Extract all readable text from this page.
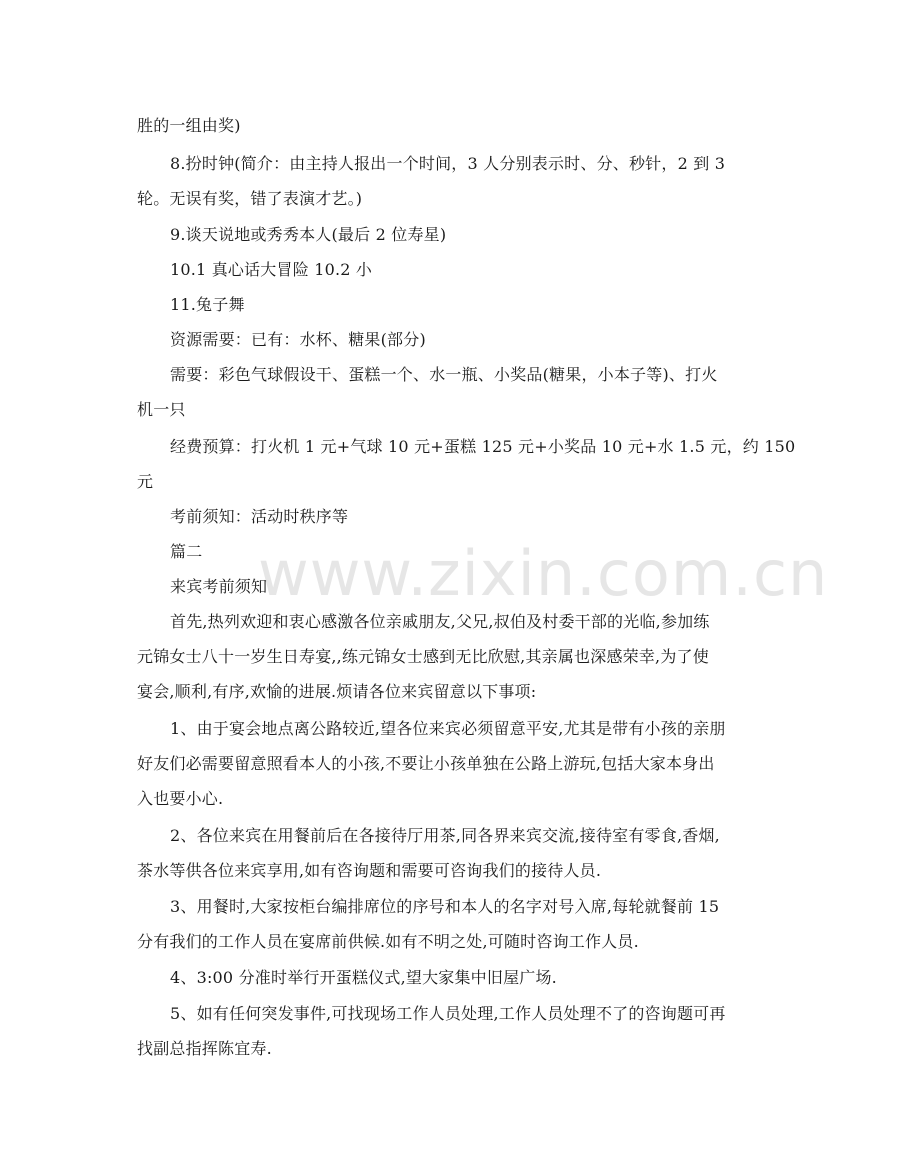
www.zixin.com.cn
胜的一组由奖)
8.扮时钟(简介：由主持人报出一个时间，3 人分别表示时、分、秒针，2 到 3
轮。无误有奖，错了表演才艺。)
9.谈天说地或秀秀本人(最后 2 位寿星)
10.1 真心话大冒险 10.2 小
11.兔子舞
资源需要：已有：水杯、糖果(部分)
需要：彩色气球假设干、蛋糕一个、水一瓶、小奖品(糖果，小本子等)、打火
机一只
经费预算：打火机 1 元+气球 10 元+蛋糕 125 元+小奖品 10 元+水 1.5 元，约 150
元
考前须知：活动时秩序等
篇二
来宾考前须知
首先,热列欢迎和衷心感激各位亲戚朋友,父兄,叔伯及村委干部的光临,参加练
元锦女士八十一岁生日寿宴,,练元锦女士感到无比欣慰,其亲属也深感荣幸,为了使
宴会,顺利,有序,欢愉的进展.烦请各位来宾留意以下事项:
1、由于宴会地点离公路较近,望各位来宾必须留意平安,尤其是带有小孩的亲朋
好友们必需要留意照看本人的小孩,不要让小孩单独在公路上游玩,包括大家本身出
入也要小心.
2、各位来宾在用餐前后在各接待厅用茶,同各界来宾交流,接待室有零食,香烟,
茶水等供各位来宾享用,如有咨询题和需要可咨询我们的接待人员.
3、用餐时,大家按柜台编排席位的序号和本人的名字对号入席,每轮就餐前 15
分有我们的工作人员在宴席前供候.如有不明之处,可随时咨询工作人员.
4、3:00 分准时举行开蛋糕仪式,望大家集中旧屋广场.
5、如有任何突发事件,可找现场工作人员处理,工作人员处理不了的咨询题可再
找副总指挥陈宜寿.
